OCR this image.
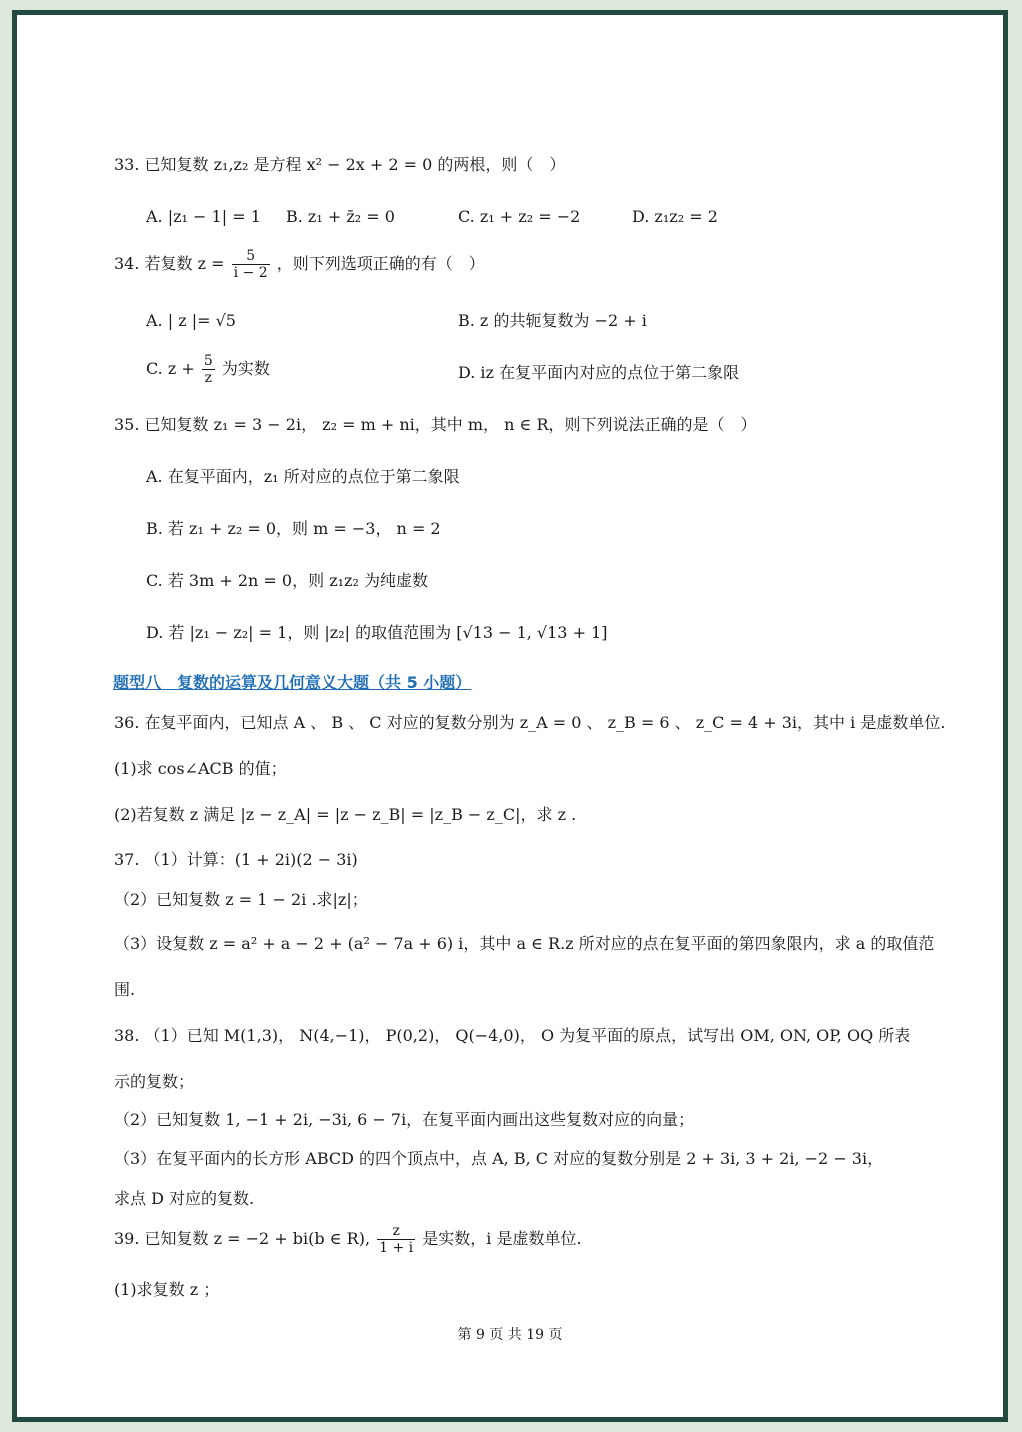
33. 已知复数 z₁,z₂ 是方程 x² − 2x + 2 = 0 的两根，则（　）
A. |z₁ − 1| = 1 B. z₁ + z̄₂ = 0	C. z₁ + z₂ = −2	D. z₁z₂ = 2
34. 若复数 $z = \frac{5}{i - 2}$ ，则下列选项正确的有（　）
A. | z |= √5	B. z 的共轭复数为 −2 + i
C. $z + \frac{5}{z}$ 为实数	D. iz 在复平面内对应的点位于第二象限
35. 已知复数 z₁ = 3 − 2i， z₂ = m + ni，其中 m， n ∈ R，则下列说法正确的是（　）
A. 在复平面内，z₁ 所对应的点位于第二象限
B. 若 z₁ + z₂ = 0，则 m = −3， n = 2
C. 若 3m + 2n = 0，则 z₁z₂ 为纯虚数
D. 若 |z₁ − z₂| = 1，则 |z₂| 的取值范围为 [√13 − 1, √13 + 1]
题型八　复数的运算及几何意义大题（共 5 小题）
36. 在复平面内，已知点 A 、 B 、 C 对应的复数分别为 z_A = 0 、 z_B = 6 、 z_C = 4 + 3i，其中 i 是虚数单位.
(1)求 cos∠ACB 的值；
(2)若复数 z 满足 |z − z_A| = |z − z_B| = |z_B − z_C|，求 z .
37. （1）计算：(1 + 2i)(2 − 3i)
（2）已知复数 z = 1 − 2i .求|z|；
（3）设复数 z = a² + a − 2 + (a² − 7a + 6) i，其中 a ∈ R.z 所对应的点在复平面的第四象限内，求 a 的取值范
围.
38. （1）已知 M(1,3)， N(4,−1)， P(0,2)， Q(−4,0)， O 为复平面的原点，试写出 OM, ON, OP, OQ 所表
示的复数；
（2）已知复数 1, −1 + 2i, −3i, 6 − 7i，在复平面内画出这些复数对应的向量；
（3）在复平面内的长方形 ABCD 的四个顶点中，点 A, B, C 对应的复数分别是 2 + 3i, 3 + 2i, −2 − 3i，
求点 D 对应的复数.
39. 已知复数 z = −2 + bi(b ∈ R), $\frac{z}{1 + i}$ 是实数，i 是虚数单位.
(1)求复数 z ；
第 9 页 共 19 页
